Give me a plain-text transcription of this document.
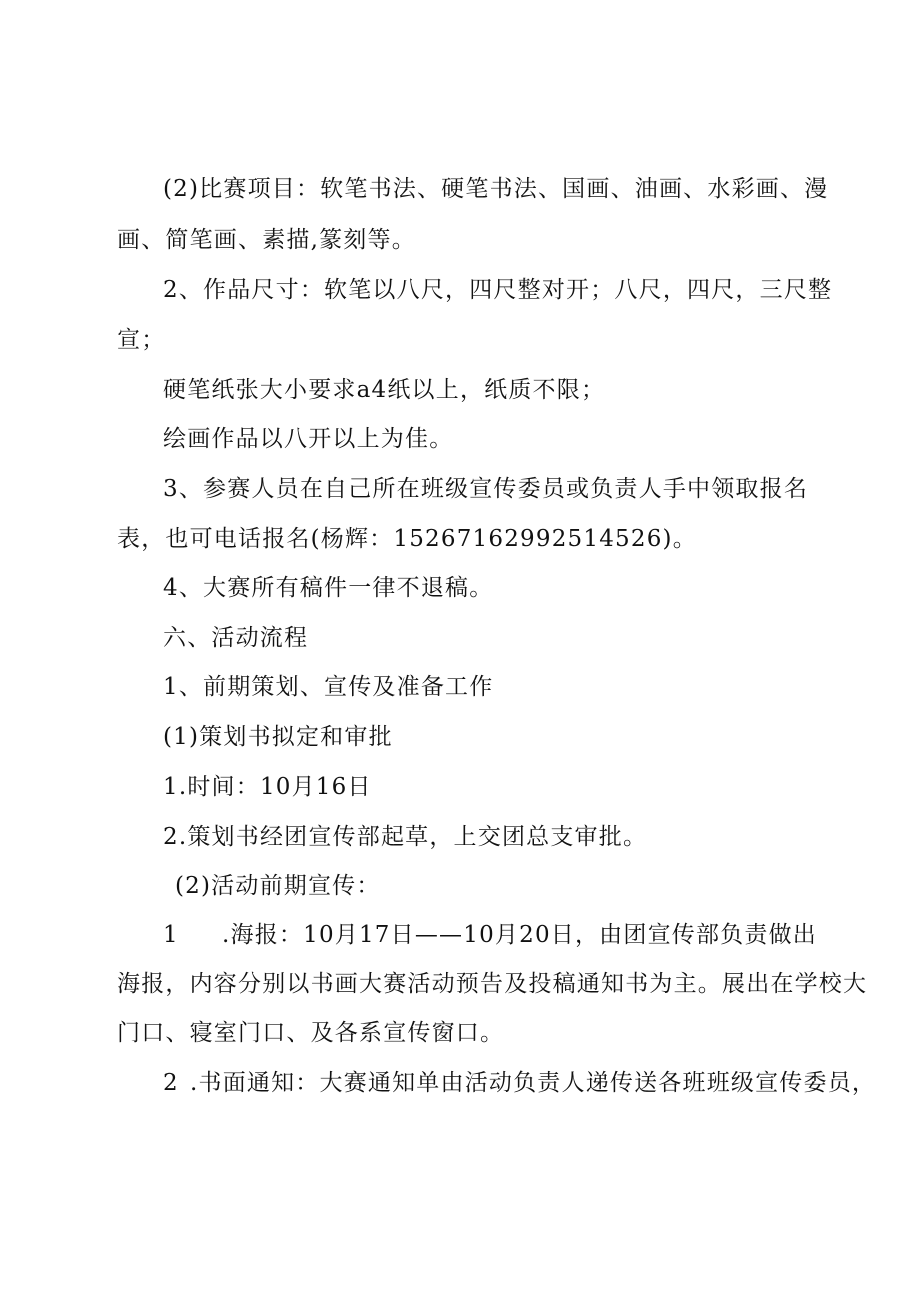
(2)比赛项目：软笔书法、硬笔书法、国画、油画、水彩画、漫
画、简笔画、素描,篆刻等。
2、作品尺寸：软笔以八尺，四尺整对开；八尺，四尺，三尺整
宣；
硬笔纸张大小要求a4纸以上，纸质不限；
绘画作品以八开以上为佳。
3、参赛人员在自己所在班级宣传委员或负责人手中领取报名
表，也可电话报名(杨辉：15267162992514526)。
4、大赛所有稿件一律不退稿。
六、活动流程
1、前期策划、宣传及准备工作
(1)策划书拟定和审批
1.时间：10月16日
2.策划书经团宣传部起草，上交团总支审批。
(2)活动前期宣传：
1 .海报：10月17日——10月20日，由团宣传部负责做出
海报，内容分别以书画大赛活动预告及投稿通知书为主。展出在学校大
门口、寝室门口、及各系宣传窗口。
2 .书面通知：大赛通知单由活动负责人递传送各班班级宣传委员，
